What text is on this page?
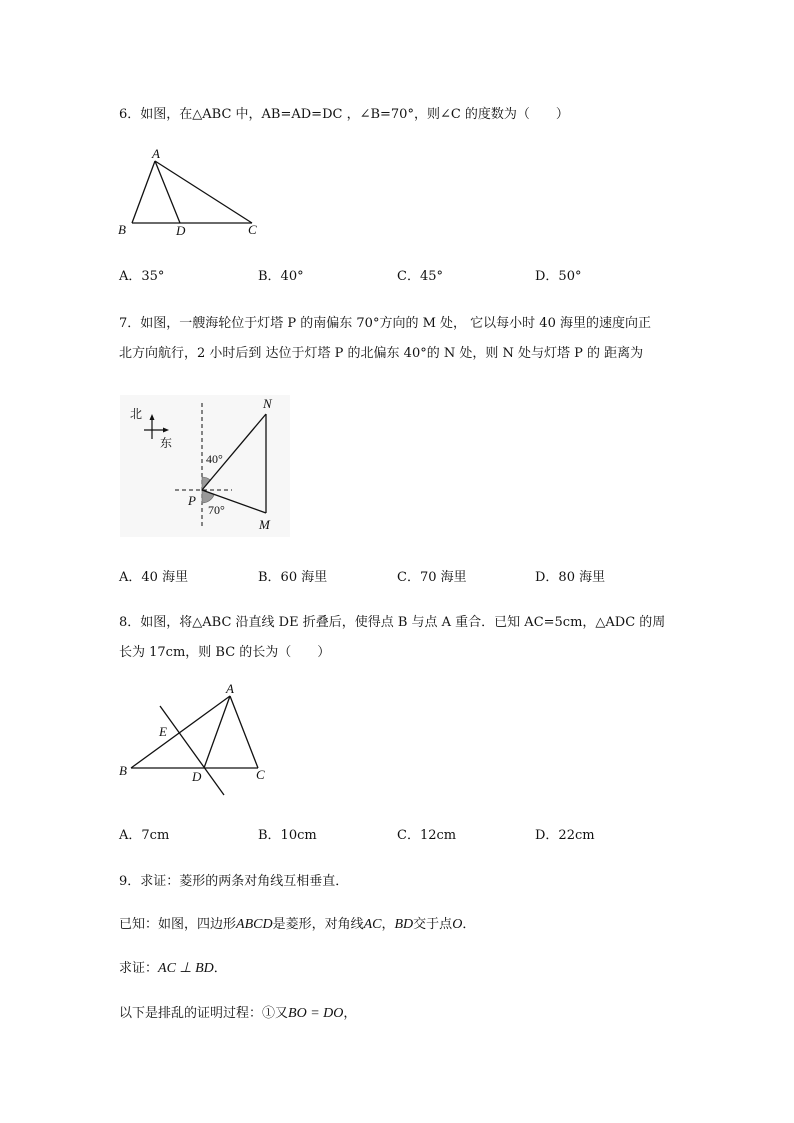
6．如图，在△ABC 中，AB=AD=DC ，∠B=70°，则∠C 的度数为（　　）
A
B	D	C
A．35°	B．40°	C．45°	D．50°
7．如图，一艘海轮位于灯塔 P 的南偏东 70°方向的 M 处， 它以每小时 40 海里的速度向正
北方向航行，2 小时后到 达位于灯塔 P 的北偏东 40°的 N 处，则 N 处与灯塔 P 的 距离为
北
东
40°
70°
N
P
M
A．40 海里	B．60 海里	C．70 海里	D．80 海里
8．如图，将△ABC 沿直线 DE 折叠后，使得点 B 与点 A 重合．已知 AC=5cm，△ADC 的周
长为 17cm，则 BC 的长为（　　）
A
E
B	D	C
A．7cm	B．10cm	C．12cm	D．22cm
9．求证：菱形的两条对角线互相垂直．
已知：如图，四边形ABCD是菱形，对角线AC，BD交于点O．
求证：AC ⊥ BD．
以下是排乱的证明过程：①又BO = DO，
